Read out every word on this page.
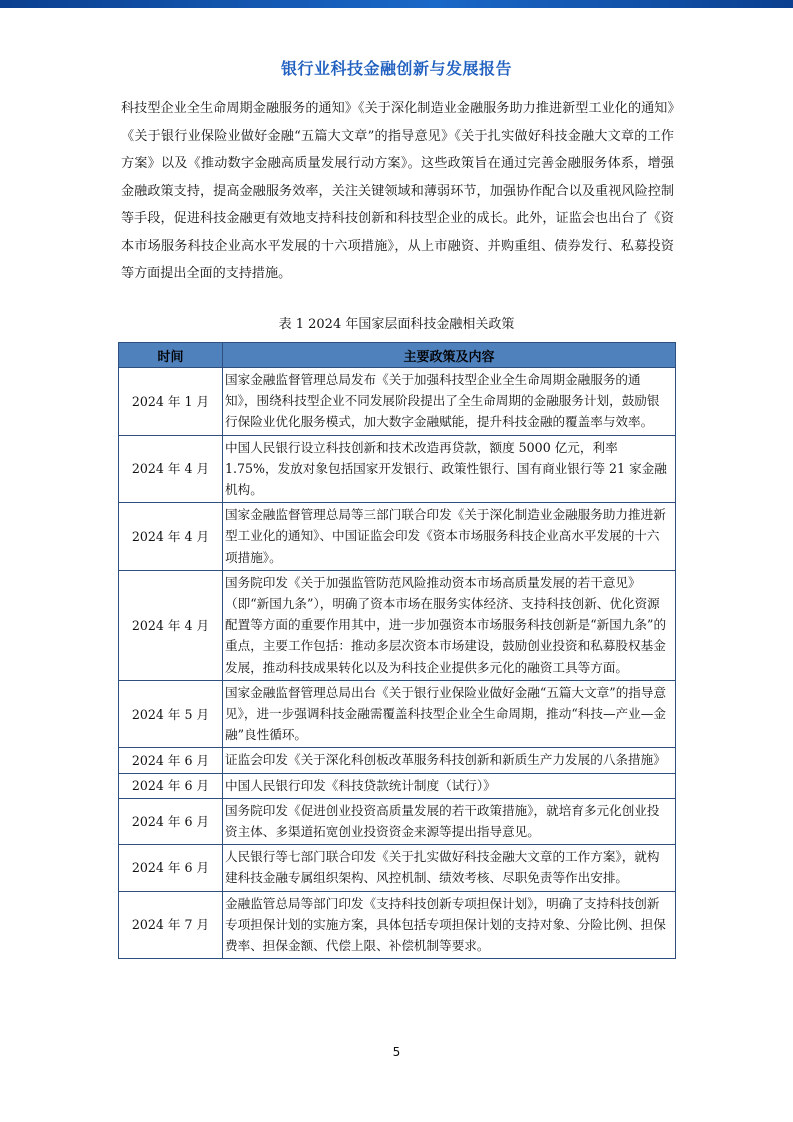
银行业科技金融创新与发展报告

科技型企业全生命周期金融服务的通知》《关于深化制造业金融服务助力推进新型工业化的通知》《关于银行业保险业做好金融“五篇大文章”的指导意见》《关于扎实做好科技金融大文章的工作方案》以及《推动数字金融高质量发展行动方案》。这些政策旨在通过完善金融服务体系，增强金融政策支持，提高金融服务效率，关注关键领域和薄弱环节，加强协作配合以及重视风险控制等手段，促进科技金融更有效地支持科技创新和科技型企业的成长。此外，证监会也出台了《资本市场服务科技企业高水平发展的十六项措施》，从上市融资、并购重组、债券发行、私募投资等方面提出全面的支持措施。

表 1 2024 年国家层面科技金融相关政策
时间	主要政策及内容
2024 年 1 月	国家金融监督管理总局发布《关于加强科技型企业全生命周期金融服务的通知》，围绕科技型企业不同发展阶段提出了全生命周期的金融服务计划，鼓励银行保险业优化服务模式，加大数字金融赋能，提升科技金融的覆盖率与效率。
2024 年 4 月	中国人民银行设立科技创新和技术改造再贷款，额度 5000 亿元，利率 1.75%，发放对象包括国家开发银行、政策性银行、国有商业银行等 21 家金融机构。
2024 年 4 月	国家金融监督管理总局等三部门联合印发《关于深化制造业金融服务助力推进新型工业化的通知》、中国证监会印发《资本市场服务科技企业高水平发展的十六项措施》。
2024 年 4 月	国务院印发《关于加强监管防范风险推动资本市场高质量发展的若干意见》（即“新国九条”），明确了资本市场在服务实体经济、支持科技创新、优化资源配置等方面的重要作用其中，进一步加强资本市场服务科技创新是“新国九条”的重点，主要工作包括：推动多层次资本市场建设，鼓励创业投资和私募股权基金发展，推动科技成果转化以及为科技企业提供多元化的融资工具等方面。
2024 年 5 月	国家金融监督管理总局出台《关于银行业保险业做好金融“五篇大文章”的指导意见》，进一步强调科技金融需覆盖科技型企业全生命周期，推动“科技—产业—金融”良性循环。
2024 年 6 月	证监会印发《关于深化科创板改革服务科技创新和新质生产力发展的八条措施》
2024 年 6 月	中国人民银行印发《科技贷款统计制度（试行）》
2024 年 6 月	国务院印发《促进创业投资高质量发展的若干政策措施》，就培育多元化创业投资主体、多渠道拓宽创业投资资金来源等提出指导意见。
2024 年 6 月	人民银行等七部门联合印发《关于扎实做好科技金融大文章的工作方案》，就构建科技金融专属组织架构、风控机制、绩效考核、尽职免责等作出安排。
2024 年 7 月	金融监管总局等部门印发《支持科技创新专项担保计划》，明确了支持科技创新专项担保计划的实施方案，具体包括专项担保计划的支持对象、分险比例、担保费率、担保金额、代偿上限、补偿机制等要求。
5
